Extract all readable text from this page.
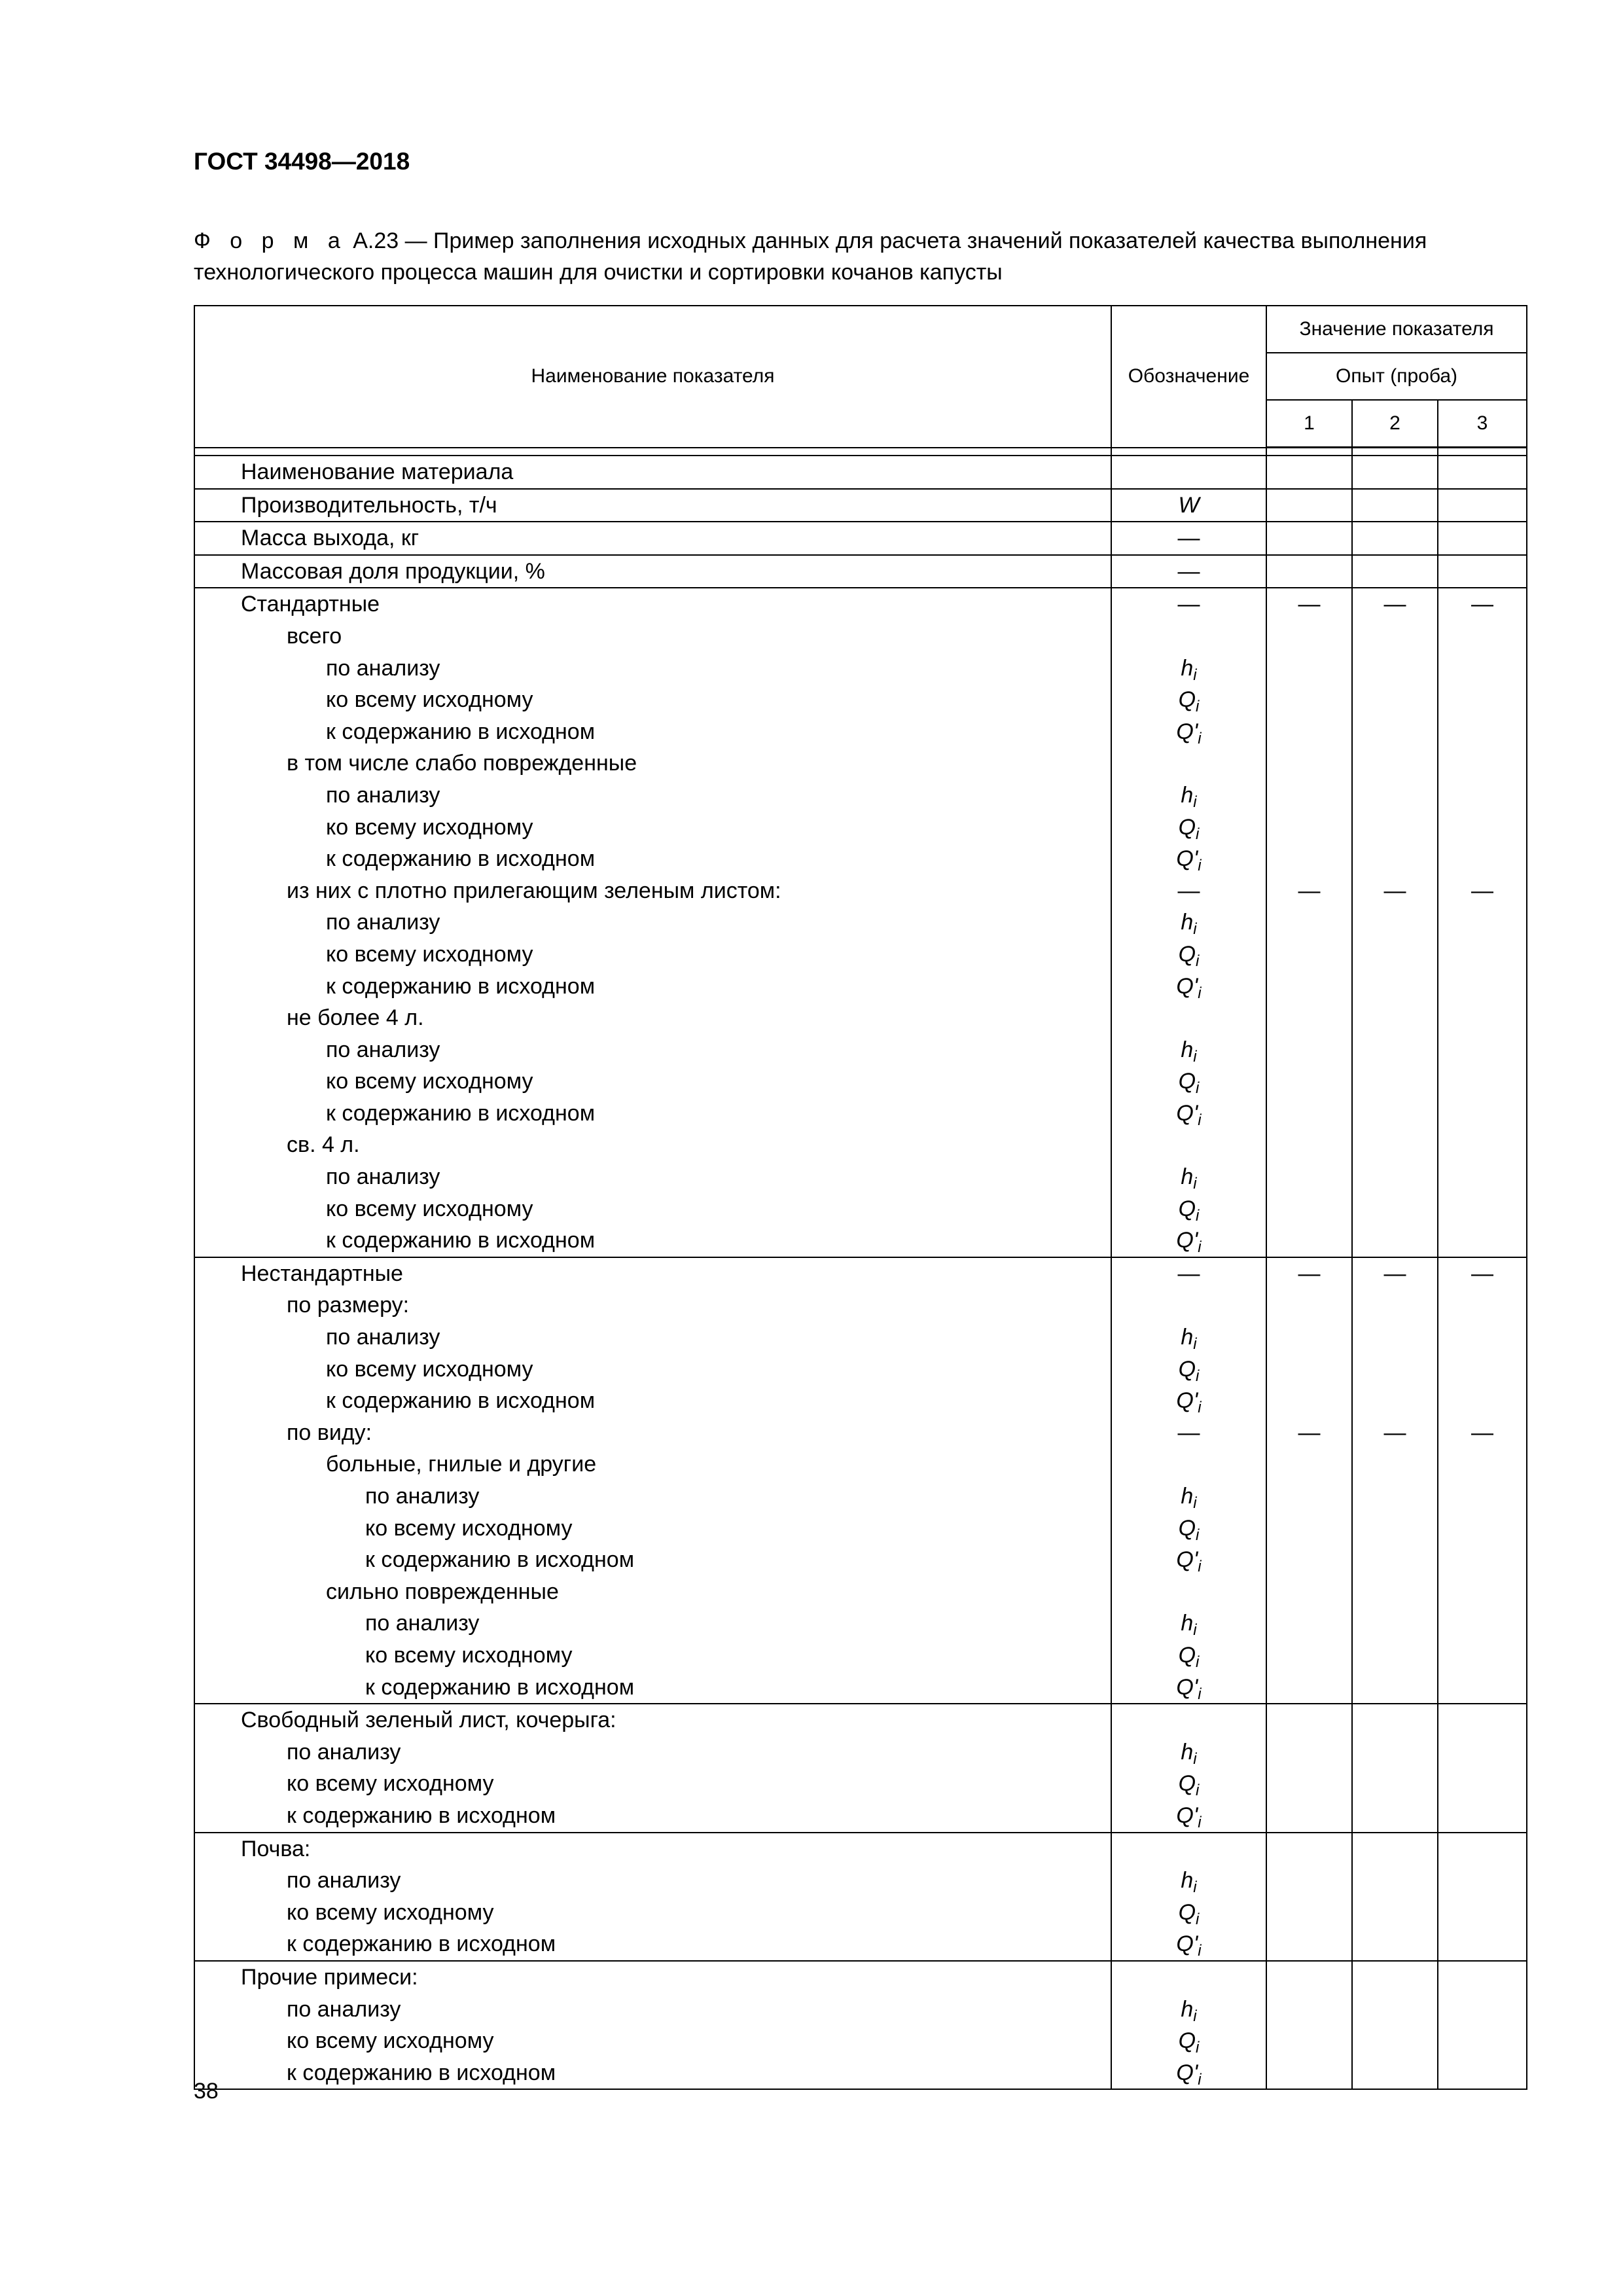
ГОСТ 34498—2018
Ф о р м а А.23 — Пример заполнения исходных данных для расчета значений показателей качества выполнения технологического процесса машин для очистки и сортировки кочанов капусты
Наименование показателя	Обозначение	Значение показателя		
		Опыт (проба)		
		1	2	3

Наименование материала				
Производительность, т/ч	W			
Масса выхода, кг	—			
Массовая доля продукции, %	—			
Стандартные	—	—	—	—
всего				
по анализу	$h_i$			
ко всему исходному	$Q_i$			
к содержанию в исходном	$Q'_i$			
в том числе слабо поврежденные				
по анализу	$h_i$			
ко всему исходному	$Q_i$			
к содержанию в исходном	$Q'_i$			
из них с плотно прилегающим зеленым листом:	—	—	—	—
по анализу	$h_i$			
ко всему исходному	$Q_i$			
к содержанию в исходном	$Q'_i$			
не более 4 л.				
по анализу	$h_i$			
ко всему исходному	$Q_i$			
к содержанию в исходном	$Q'_i$			
св. 4 л.				
по анализу	$h_i$			
ко всему исходному	$Q_i$			
к содержанию в исходном	$Q'_i$			
Нестандартные	—	—	—	—
по размеру:				
по анализу	$h_i$			
ко всему исходному	$Q_i$			
к содержанию в исходном	$Q'_i$			
по виду:	—	—	—	—
больные, гнилые и другие				
по анализу	$h_i$			
ко всему исходному	$Q_i$			
к содержанию в исходном	$Q'_i$			
сильно поврежденные				
по анализу	$h_i$			
ко всему исходному	$Q_i$			
к содержанию в исходном	$Q'_i$			
Свободный зеленый лист, кочерыга:				
по анализу	$h_i$			
ко всему исходному	$Q_i$			
к содержанию в исходном	$Q'_i$			
Почва:				
по анализу	$h_i$			
ко всему исходному	$Q_i$			
к содержанию в исходном	$Q'_i$			
Прочие примеси:				
по анализу	$h_i$			
ко всему исходному	$Q_i$			
к содержанию в исходном	$Q'_i$			
38
